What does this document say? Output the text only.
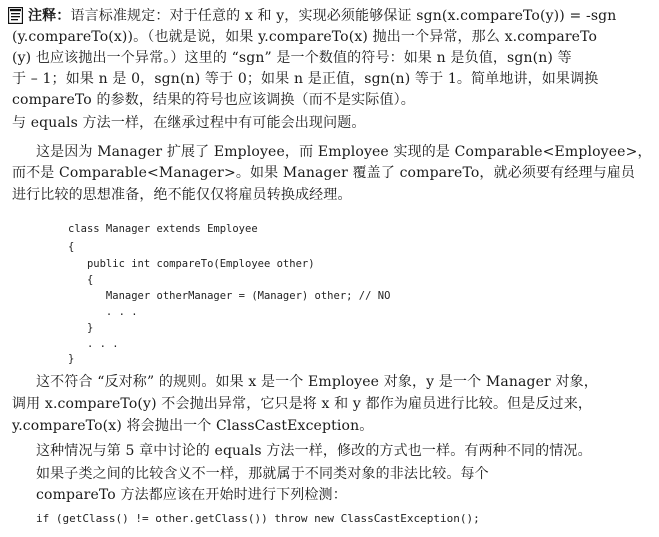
注释：语言标准规定：对于任意的 x 和 y，实现必须能够保证 sgn(x.compareTo(y)) = -sgn
(y.compareTo(x))。（也就是说，如果 y.compareTo(x) 抛出一个异常，那么 x.compareTo
(y) 也应该抛出一个异常。）这里的 “sgn” 是一个数值的符号：如果 n 是负值，sgn(n) 等
于 – 1；如果 n 是 0，sgn(n) 等于 0；如果 n 是正值，sgn(n) 等于 1。简单地讲，如果调换
compareTo 的参数，结果的符号也应该调换（而不是实际值）。
与 equals 方法一样，在继承过程中有可能会出现问题。
这是因为 Manager 扩展了 Employee，而 Employee 实现的是 Comparable<Employee>，
而不是 Comparable<Manager>。如果 Manager 覆盖了 compareTo，就必须要有经理与雇员
进行比较的思想准备，绝不能仅仅将雇员转换成经理。
class Manager extends Employee
{
public int compareTo(Employee other)
{
Manager otherManager = (Manager) other; // NO
. . .
}
. . .
}
这不符合 “反对称” 的规则。如果 x 是一个 Employee 对象，y 是一个 Manager 对象，
调用 x.compareTo(y) 不会抛出异常，它只是将 x 和 y 都作为雇员进行比较。但是反过来，
y.compareTo(x) 将会抛出一个 ClassCastException。
这种情况与第 5 章中讨论的 equals 方法一样，修改的方式也一样。有两种不同的情况。
如果子类之间的比较含义不一样，那就属于不同类对象的非法比较。每个
compareTo 方法都应该在开始时进行下列检测：
if (getClass() != other.getClass()) throw new ClassCastException();
